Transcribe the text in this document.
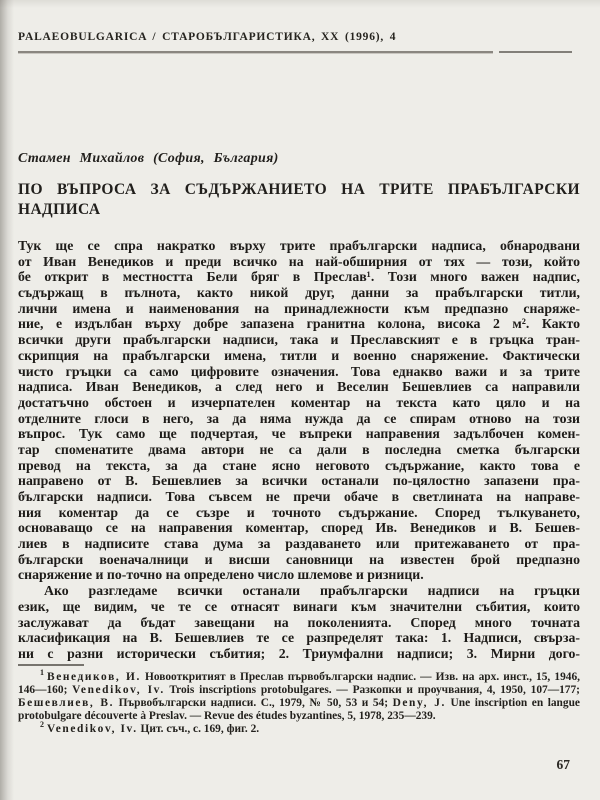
PALAEOBULGARICA / СТАРОБЪЛГАРИСТИКА, XX (1996), 4
Стамен Михайлов (София, България)
ПО ВЪПРОСА ЗА СЪДЪРЖАНИЕТО НА ТРИТЕ ПРАБЪЛГАРСКИ
НАДПИСА
Тук ще се спра накратко върху трите прабългарски надписа, обнародвани
от Иван Венедиков и преди всичко на най-обширния от тях — този, който
бе открит в местността Бели бряг в Преслав¹. Този много важен надпис,
съдържащ в пълнота, както никой друг, данни за прабългарски титли,
лични имена и наименования на принадлежности към предпазно снаряже-
ние, е издълбан върху добре запазена гранитна колона, висока 2 м². Както
всички други прабългарски надписи, така и Преславският е в гръцка тран-
скрипция на прабългарски имена, титли и военно снаряжение. Фактически
чисто гръцки са само цифровите означения. Това еднакво важи и за трите
надписа. Иван Венедиков, а след него и Веселин Бешевлиев са направили
достатъчно обстоен и изчерпателен коментар на текста като цяло и на
отделните глоси в него, за да няма нужда да се спирам отново на този
въпрос. Тук само ще подчертая, че въпреки направения задълбочен комен-
тар споменатите двама автори не са дали в последна сметка български
превод на текста, за да стане ясно неговото съдържание, както това е
направено от В. Бешевлиев за всички останали по-цялостно запазени пра-
български надписи. Това съвсем не пречи обаче в светлината на направе-
ния коментар да се съзре и точното съдържание. Според тълкуването,
основаващо се на направения коментар, според Ив. Венедиков и В. Бешев-
лиев в надписите става дума за раздаването или притежаването от пра-
български военачалници и висши сановници на известен брой предпазно
снаряжение и по-точно на определено число шлемове и ризници.
Ако разгледаме всички останали прабългарски надписи на гръцки
език, ще видим, че те се отнасят винаги към значителни събития, които
заслужават да бъдат завещани на поколенията. Според много точната
класификация на В. Бешевлиев те се разпределят така: 1. Надписи, свърза-
ни с разни исторически събития; 2. Триумфални надписи; 3. Мирни дого-
$^1$ Венедиков, И. Новооткритият в Преслав първобългарски надпис. — Изв. на арх. инст., 15, 1946, 146—160; Venedikov, Iv. Trois inscriptions protobulgares. — Разкопки и проучвания, 4, 1950, 107—177; Бешевлиев, В. Първобългарски надписи. С., 1979, № 50, 53 и 54; Deny, J. Une inscription en langue protobulgare découverte à Preslav. — Revue des études byzantines, 5, 1978, 235—239.
$^2$ Venedikov, Iv. Цит. съч., с. 169, фиг. 2.
67
